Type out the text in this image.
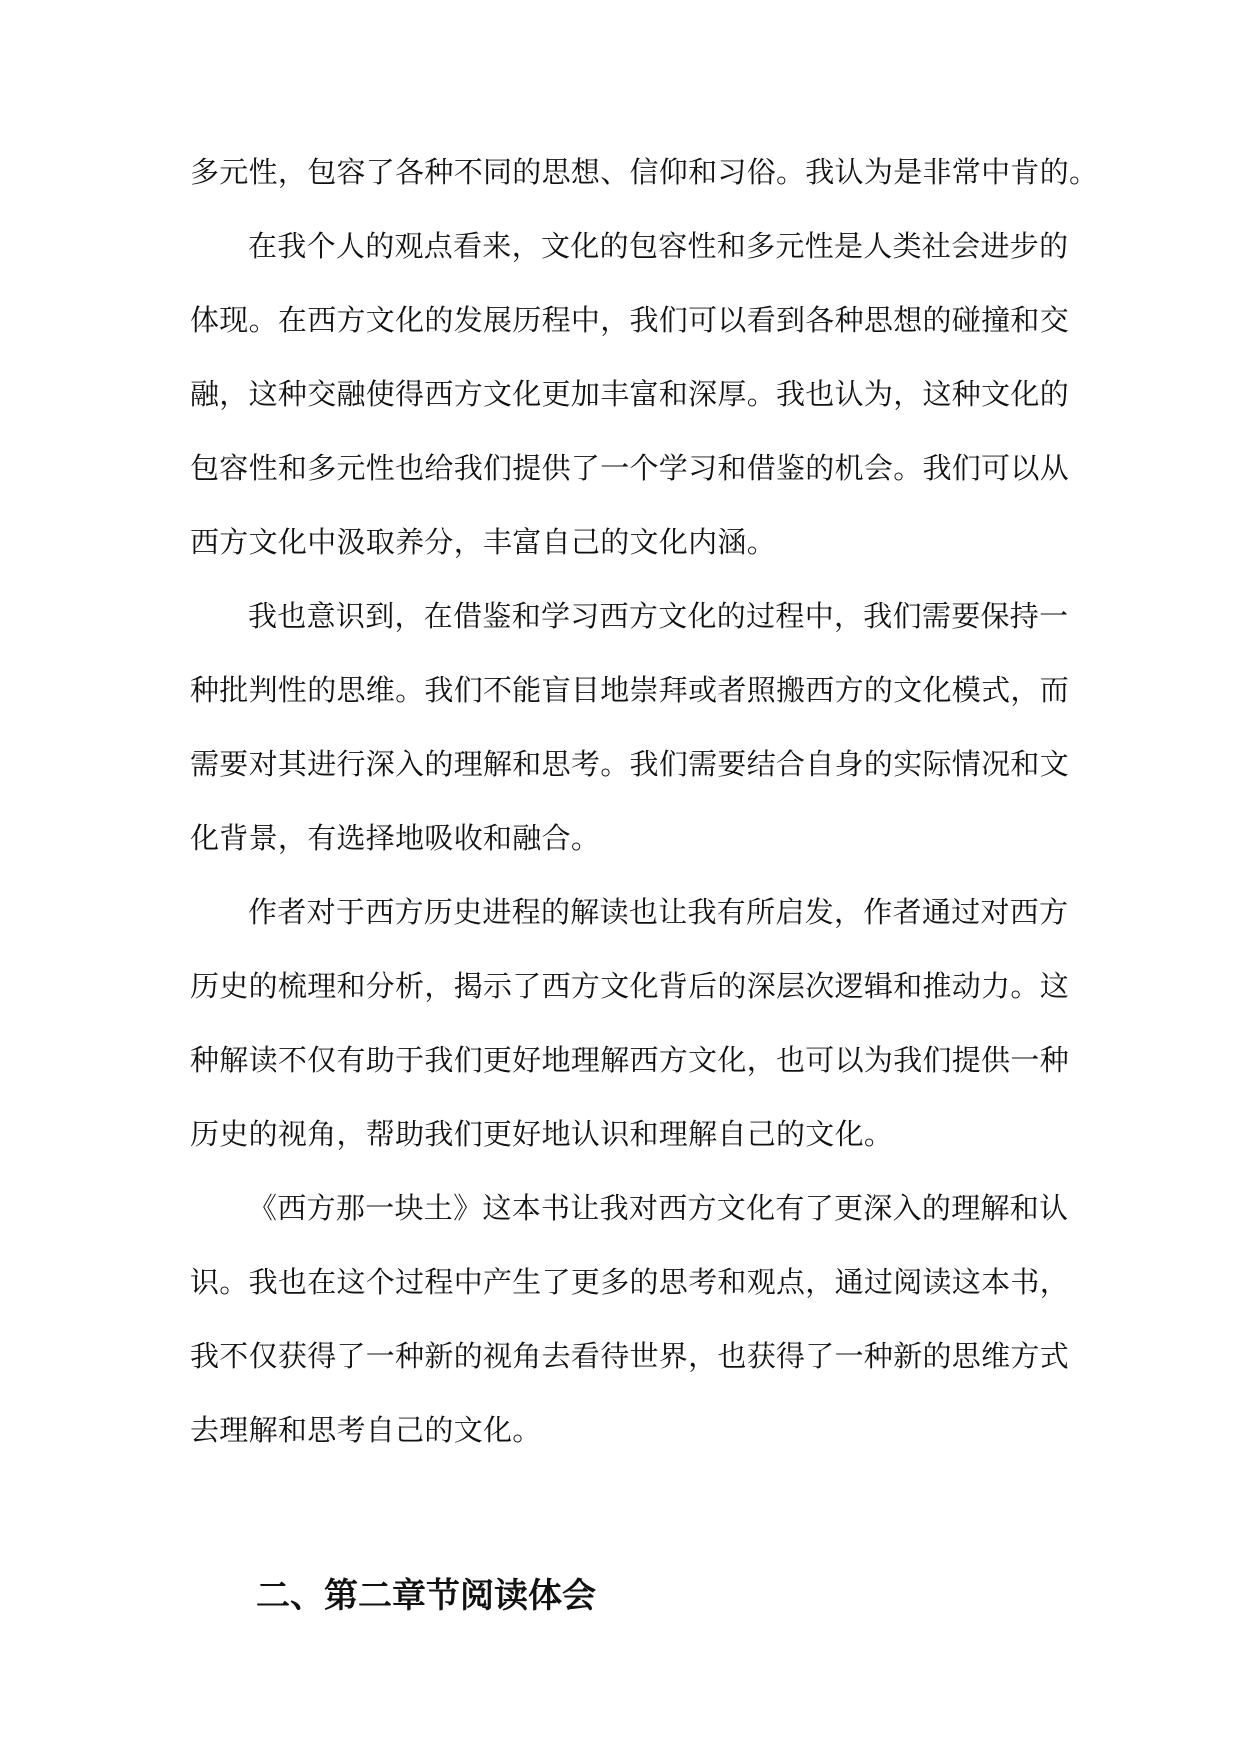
多元性，包容了各种不同的思想、信仰和习俗。我认为是非常中肯的。
在我个人的观点看来，文化的包容性和多元性是人类社会进步的
体现。在西方文化的发展历程中，我们可以看到各种思想的碰撞和交
融，这种交融使得西方文化更加丰富和深厚。我也认为，这种文化的
包容性和多元性也给我们提供了一个学习和借鉴的机会。我们可以从
西方文化中汲取养分，丰富自己的文化内涵。
我也意识到，在借鉴和学习西方文化的过程中，我们需要保持一
种批判性的思维。我们不能盲目地崇拜或者照搬西方的文化模式，而
需要对其进行深入的理解和思考。我们需要结合自身的实际情况和文
化背景，有选择地吸收和融合。
作者对于西方历史进程的解读也让我有所启发，作者通过对西方
历史的梳理和分析，揭示了西方文化背后的深层次逻辑和推动力。这
种解读不仅有助于我们更好地理解西方文化，也可以为我们提供一种
历史的视角，帮助我们更好地认识和理解自己的文化。
《西方那一块土》这本书让我对西方文化有了更深入的理解和认
识。我也在这个过程中产生了更多的思考和观点，通过阅读这本书，
我不仅获得了一种新的视角去看待世界，也获得了一种新的思维方式
去理解和思考自己的文化。
二、第二章节阅读体会
